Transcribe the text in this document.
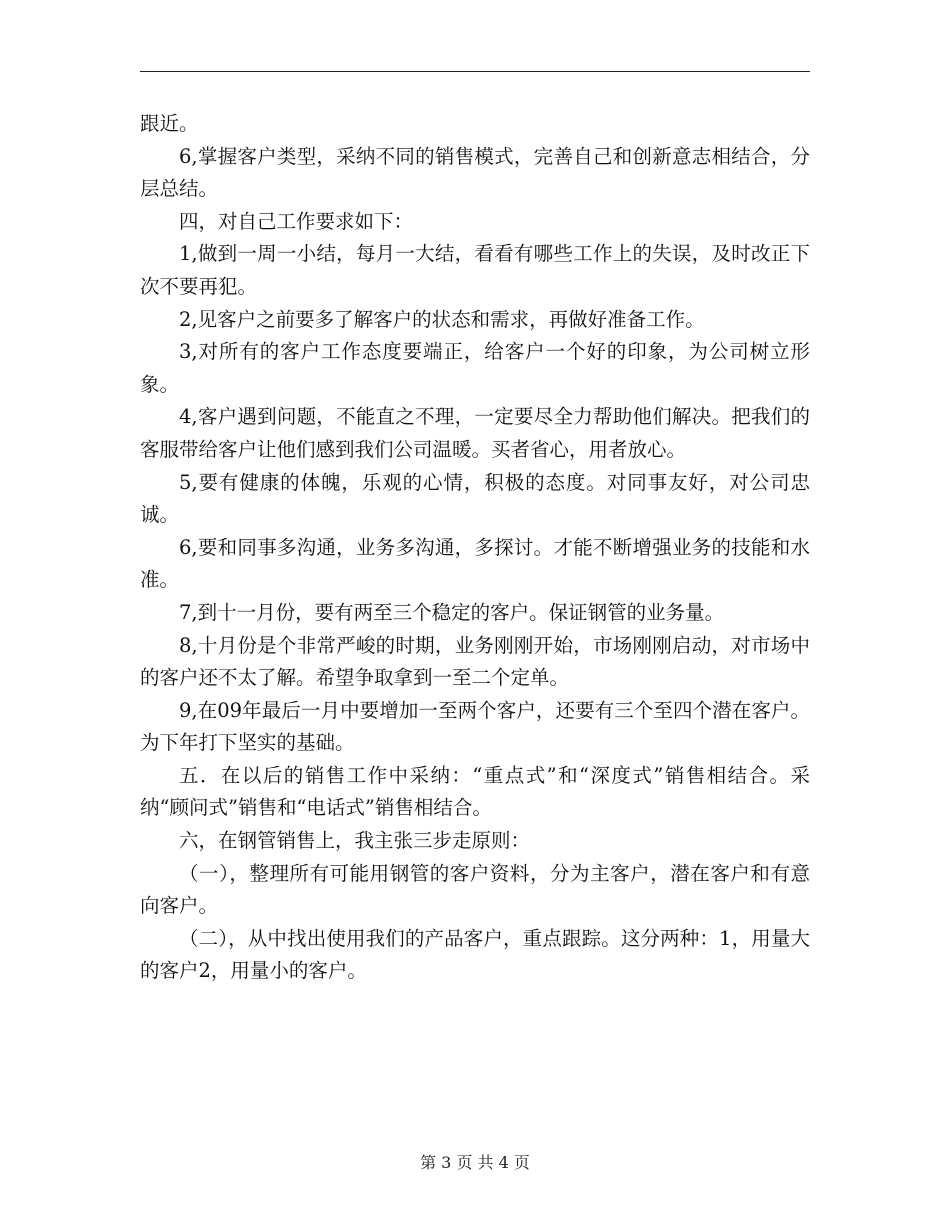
跟近。

6,掌握客户类型，采纳不同的销售模式，完善自己和创新意志相结合，分层总结。

四，对自己工作要求如下：

1,做到一周一小结，每月一大结，看看有哪些工作上的失误，及时改正下次不要再犯。

2,见客户之前要多了解客户的状态和需求，再做好准备工作。

3,对所有的客户工作态度要端正，给客户一个好的印象，为公司树立形象。

4,客户遇到问题，不能直之不理，一定要尽全力帮助他们解决。把我们的客服带给客户让他们感到我们公司温暖。买者省心，用者放心。

5,要有健康的体魄，乐观的心情，积极的态度。对同事友好，对公司忠诚。

6,要和同事多沟通，业务多沟通，多探讨。才能不断增强业务的技能和水准。

7,到十一月份，要有两至三个稳定的客户。保证钢管的业务量。

8,十月份是个非常严峻的时期，业务刚刚开始，市场刚刚启动，对市场中的客户还不太了解。希望争取拿到一至二个定单。

9,在09年最后一月中要增加一至两个客户，还要有三个至四个潜在客户。为下年打下坚实的基础。

五．在以后的销售工作中采纳：“重点式”和“深度式”销售相结合。采纳“顾问式”销售和“电话式”销售相结合。

六，在钢管销售上，我主张三步走原则：

（一），整理所有可能用钢管的客户资料，分为主客户，潜在客户和有意向客户。

（二），从中找出使用我们的产品客户，重点跟踪。这分两种：1，用量大的客户2，用量小的客户。

第 3 页 共 4 页
